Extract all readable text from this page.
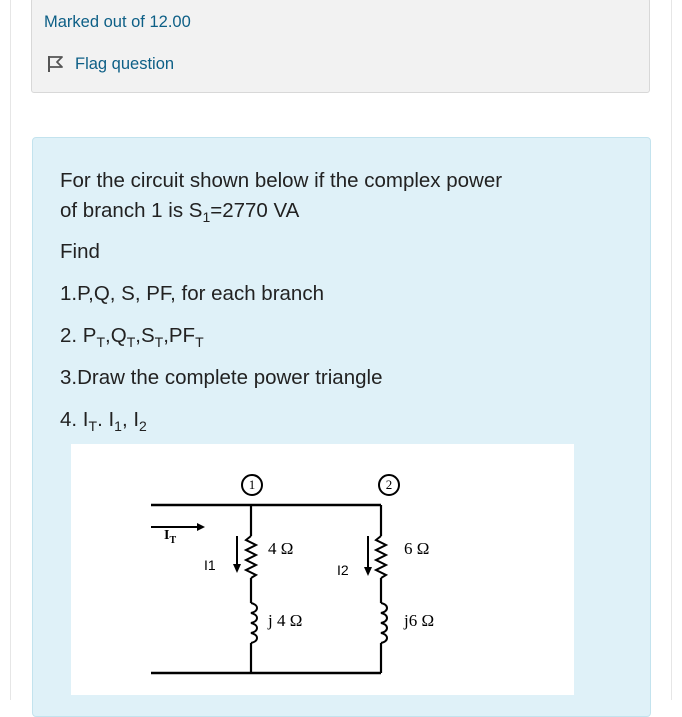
Marked out of 12.00
Flag question
For the circuit shown below if the complex power
of branch 1 is $S_1=2770$ VA
Find
1.P,Q, S, PF, for each branch
2. $P_T,Q_T,S_T,PF_T$
3.Draw the complete power triangle
4. $I_T$. $I_1$, $I_2$
1	2
$I_T$
I1	I2
4 Ω
j 4 Ω
6 Ω
j6 Ω
